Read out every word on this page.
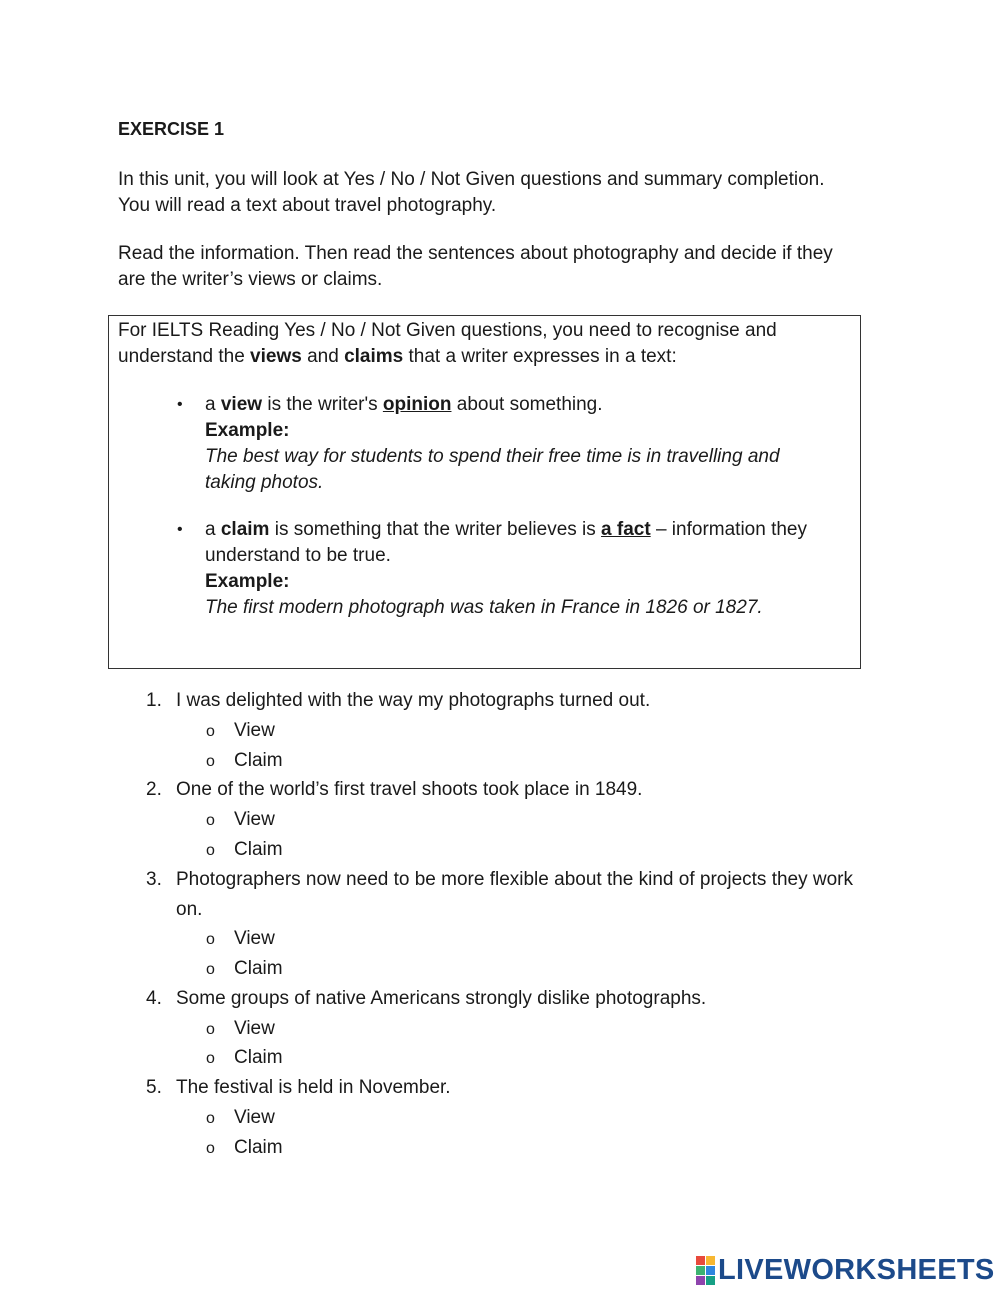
EXERCISE 1
In this unit, you will look at Yes / No / Not Given questions and summary completion.
You will read a text about travel photography.
Read the information. Then read the sentences about photography and decide if they
are the writer’s views or claims.
For IELTS Reading Yes / No / Not Given questions, you need to recognise and
understand the views and claims that a writer expresses in a text:
• a view is the writer's opinion about something.
Example:
The best way for students to spend their free time is in travelling and taking photos.
• a claim is something that the writer believes is a fact – information they understand to be true.
Example:
The first modern photograph was taken in France in 1826 or 1827.
1. I was delighted with the way my photographs turned out.
o View
o Claim
2. One of the world’s first travel shoots took place in 1849.
o View
o Claim
3. Photographers now need to be more flexible about the kind of projects they work on.
o View
o Claim
4. Some groups of native Americans strongly dislike photographs.
o View
o Claim
5. The festival is held in November.
o View
o Claim
LIVEWORKSHEETS
